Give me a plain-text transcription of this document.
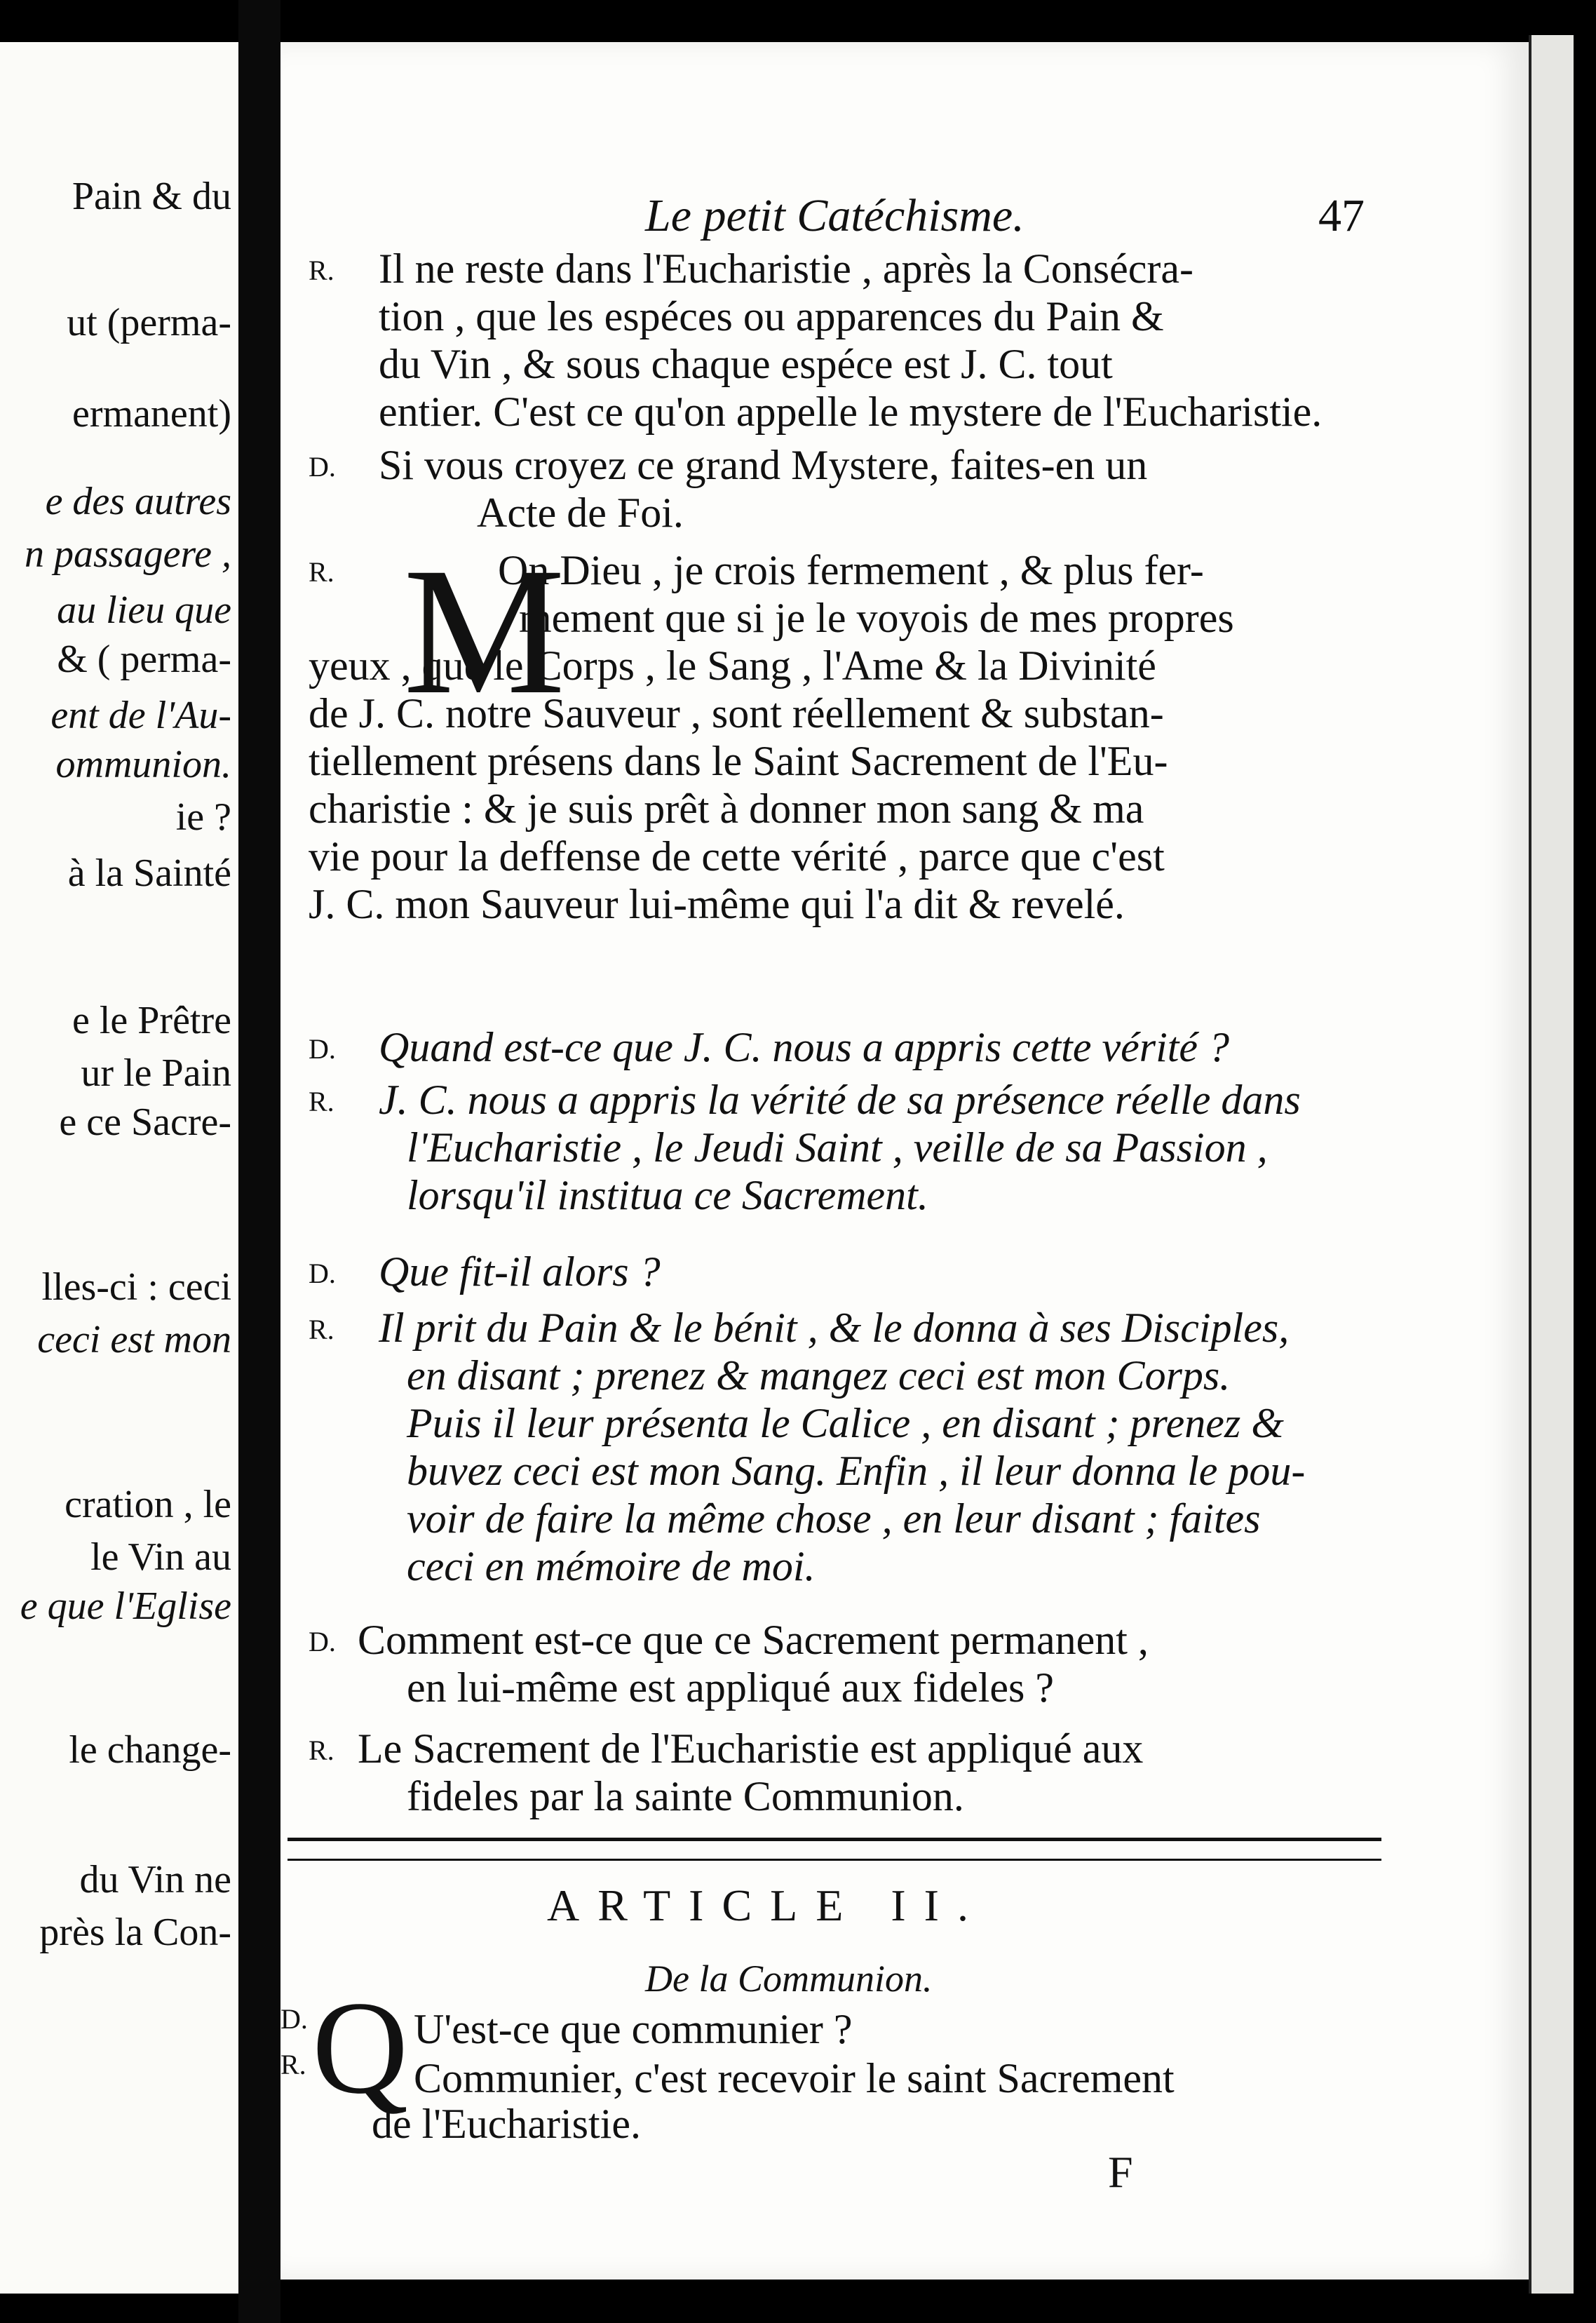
Pain & du
ut (perma-
ermanent)
e des autres
n passagere ,
au lieu que
& ( perma-
ent de l'Au-
ommunion.
ie ?
à la Sainté
e le Prêtre
ur le Pain
e ce Sacre-
lles-ci : ceci
ceci est mon
cration , le
le Vin au
e que l'Eglise
le change-
du Vin ne
près la Con-
Le petit Catéchisme.	47
R.	Il ne reste dans l'Eucharistie , après la Consécra-
tion , que les espéces ou apparences du Pain &
du Vin , & sous chaque espéce est J. C. tout
entier. C'est ce qu'on appelle le mystere de l'Eucharistie.
D.	Si vous croyez ce grand Mystere, faites-en un
Acte de Foi.
R.	On Dieu , je crois fermement , & plus fer-
mement que si je le voyois de mes propres
yeux , que le Corps , le Sang , l'Ame & la Divinité
de J. C. notre Sauveur , sont réellement & substan-
tiellement présens dans le Saint Sacrement de l'Eu-
charistie : & je suis prêt à donner mon sang & ma
vie pour la deffense de cette vérité , parce que c'est
J. C. mon Sauveur lui-même qui l'a dit & revelé.
D.	Quand est-ce que J. C. nous a appris cette vérité ?
R.	J. C. nous a appris la vérité de sa présence réelle dans
l'Eucharistie , le Jeudi Saint , veille de sa Passion ,
lorsqu'il institua ce Sacrement.
D.	Que fit-il alors ?
R.	Il prit du Pain & le bénit , & le donna à ses Disciples,
en disant ; prenez & mangez ceci est mon Corps.
Puis il leur présenta le Calice , en disant ; prenez &
buvez ceci est mon Sang. Enfin , il leur donna le pou-
voir de faire la même chose , en leur disant ; faites
ceci en mémoire de moi.
D. Comment est-ce que ce Sacrement permanent ,
en lui-même est appliqué aux fideles ?
R. Le Sacrement de l'Eucharistie est appliqué aux
fideles par la sainte Communion.
M
ARTICLE II.
De la Communion.
D.
R. Q U'est-ce que communier ?
Communier, c'est recevoir le saint Sacrement
de l'Eucharistie.
F
